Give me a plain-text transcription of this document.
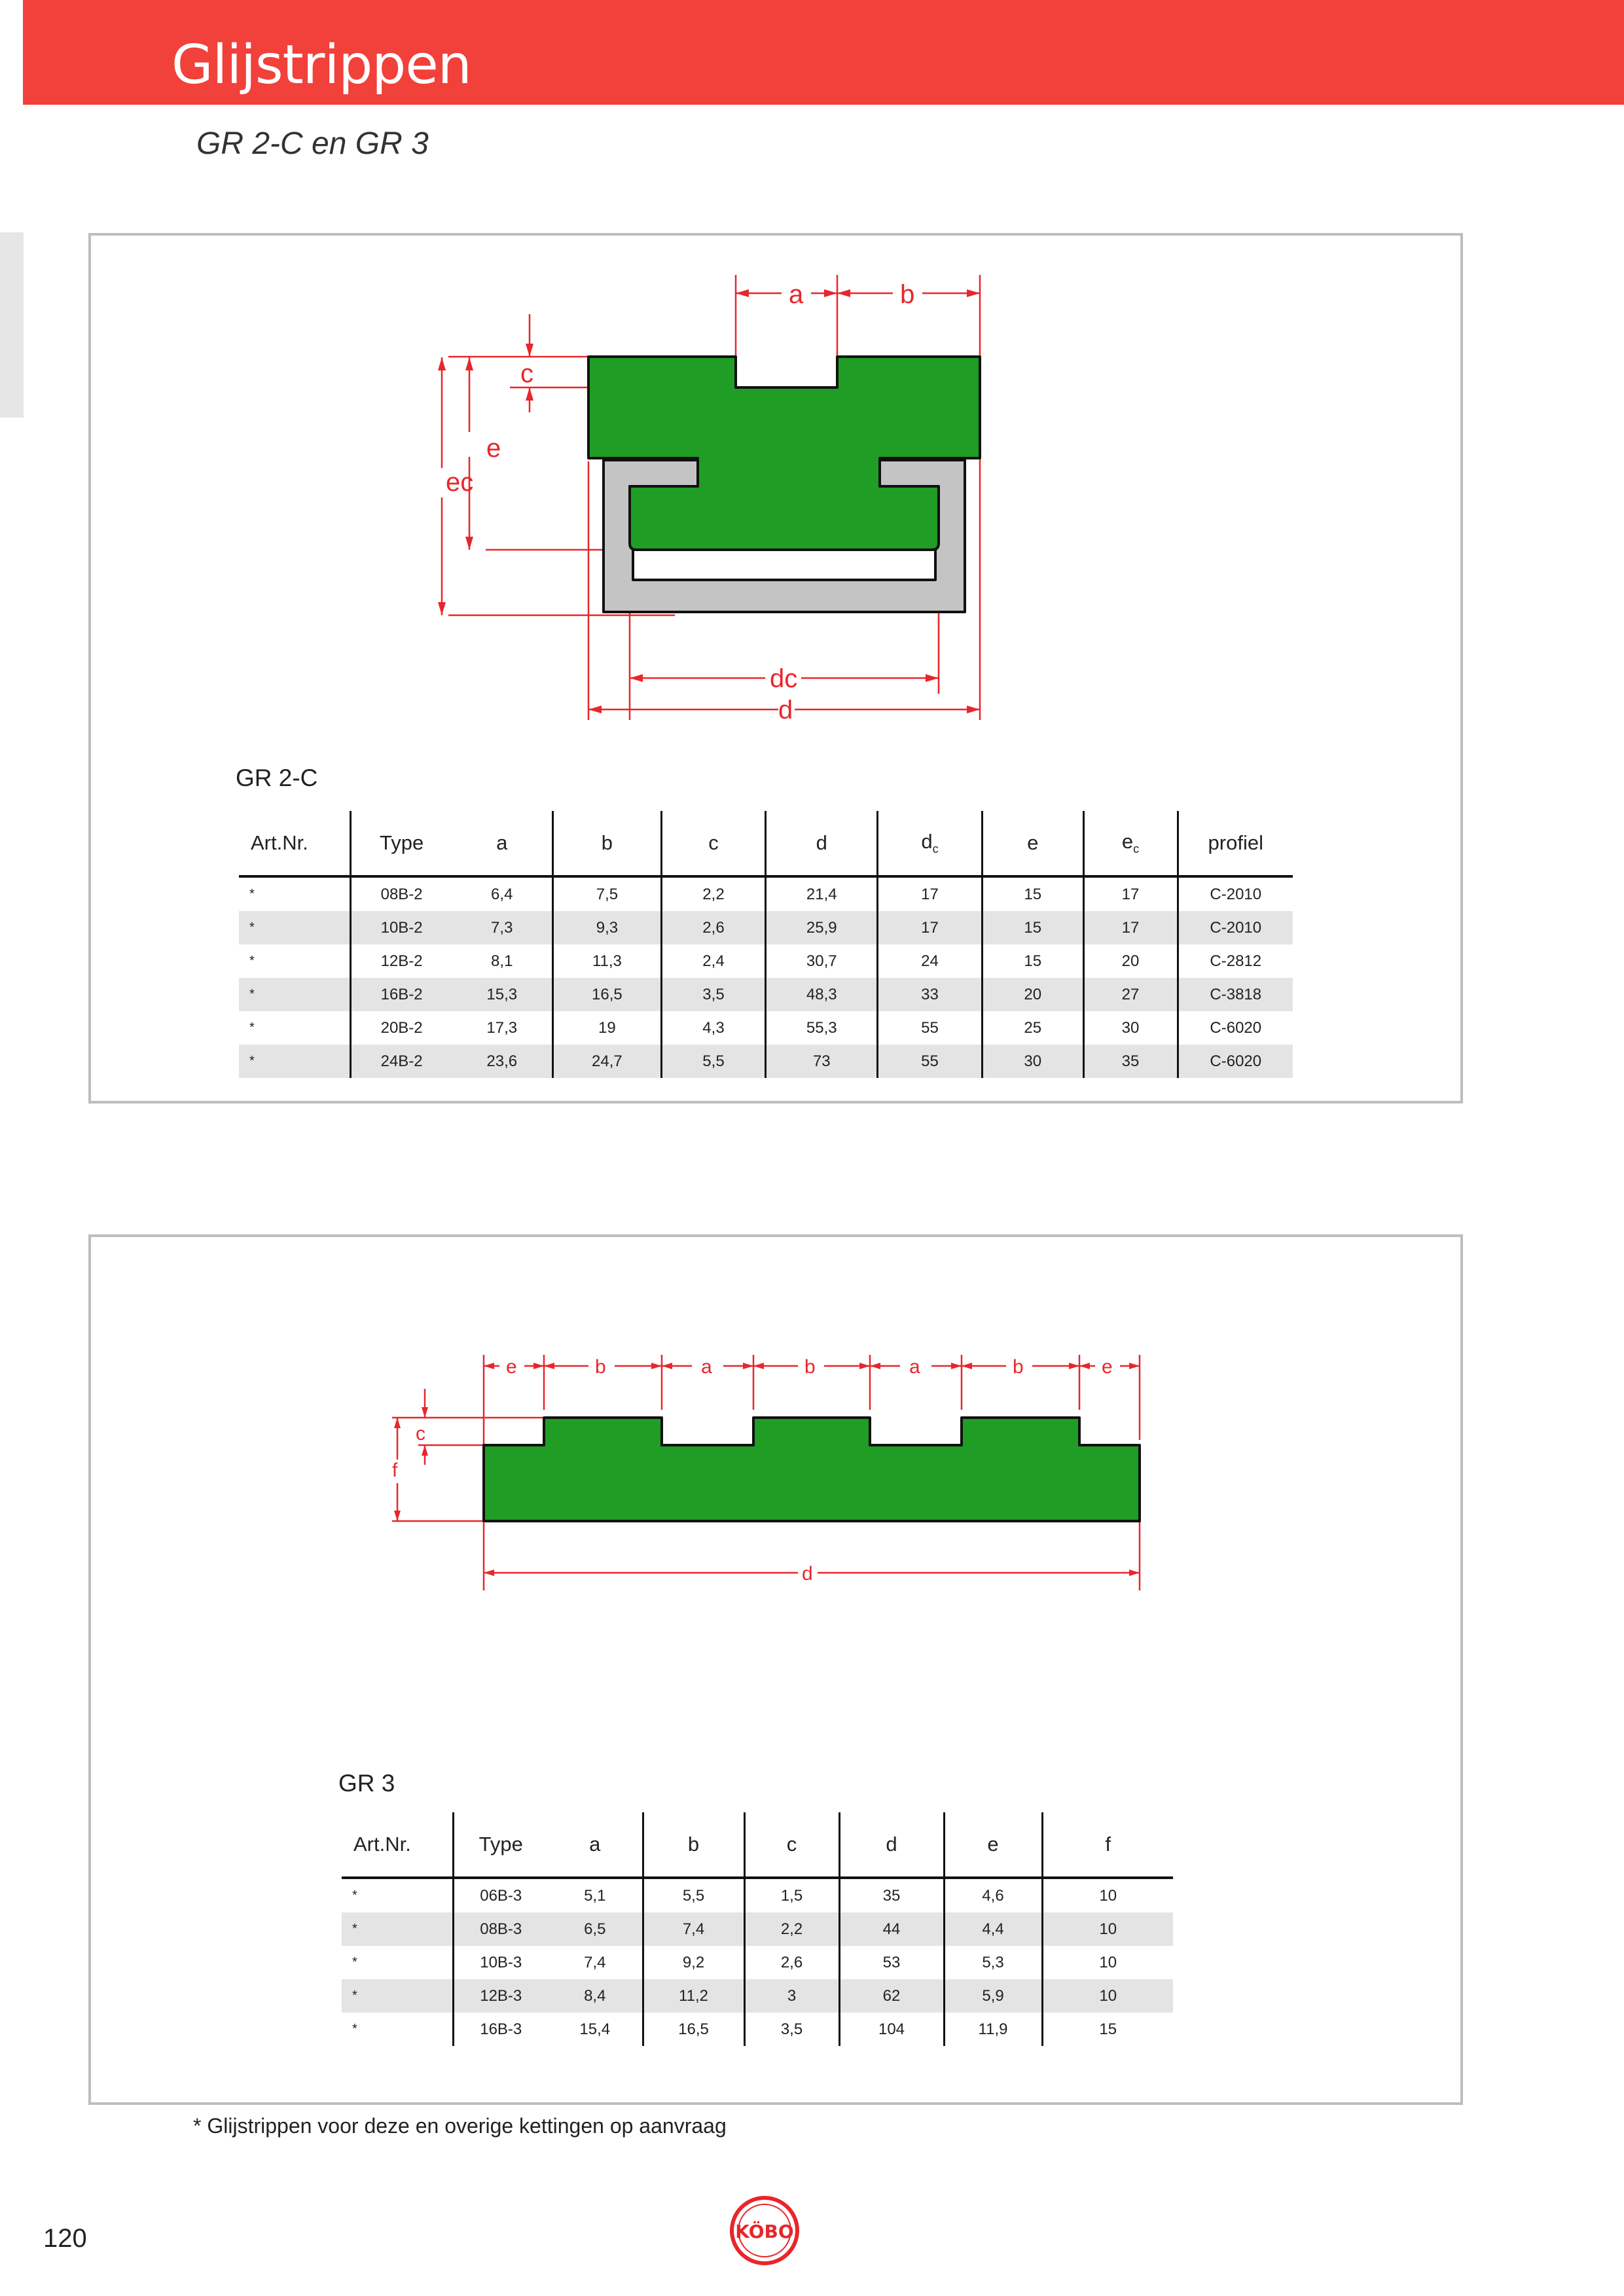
Glijstrippen
GR 2-C en GR 3
a	b
c
e
ec
dc
d
GR 2-C
Art.Nr.	Type	a	b	c	d	$d_c$	e	$e_c$	profiel
*	08B-2	6,4	7,5	2,2	21,4	17	15	17	C-2010
*	10B-2	7,3	9,3	2,6	25,9	17	15	17	C-2010
*	12B-2	8,1	11,3	2,4	30,7	24	15	20	C-2812
*	16B-2	15,3	16,5	3,5	48,3	33	20	27	C-3818
*	20B-2	17,3	19	4,3	55,3	55	25	30	C-6020
*	24B-2	23,6	24,7	5,5	73	55	30	35	C-6020
e	b	a	b	a	b	e
c
f
d
GR 3
Art.Nr.	Type	a	b	c	d	e	f
*	06B-3	5,1	5,5	1,5	35	4,6	10
*	08B-3	6,5	7,4	2,2	44	4,4	10
*	10B-3	7,4	9,2	2,6	53	5,3	10
*	12B-3	8,4	11,2	3	62	5,9	10
*	16B-3	15,4	16,5	3,5	104	11,9	15
* Glijstrippen voor deze en overige kettingen op aanvraag
120	KÖBO
